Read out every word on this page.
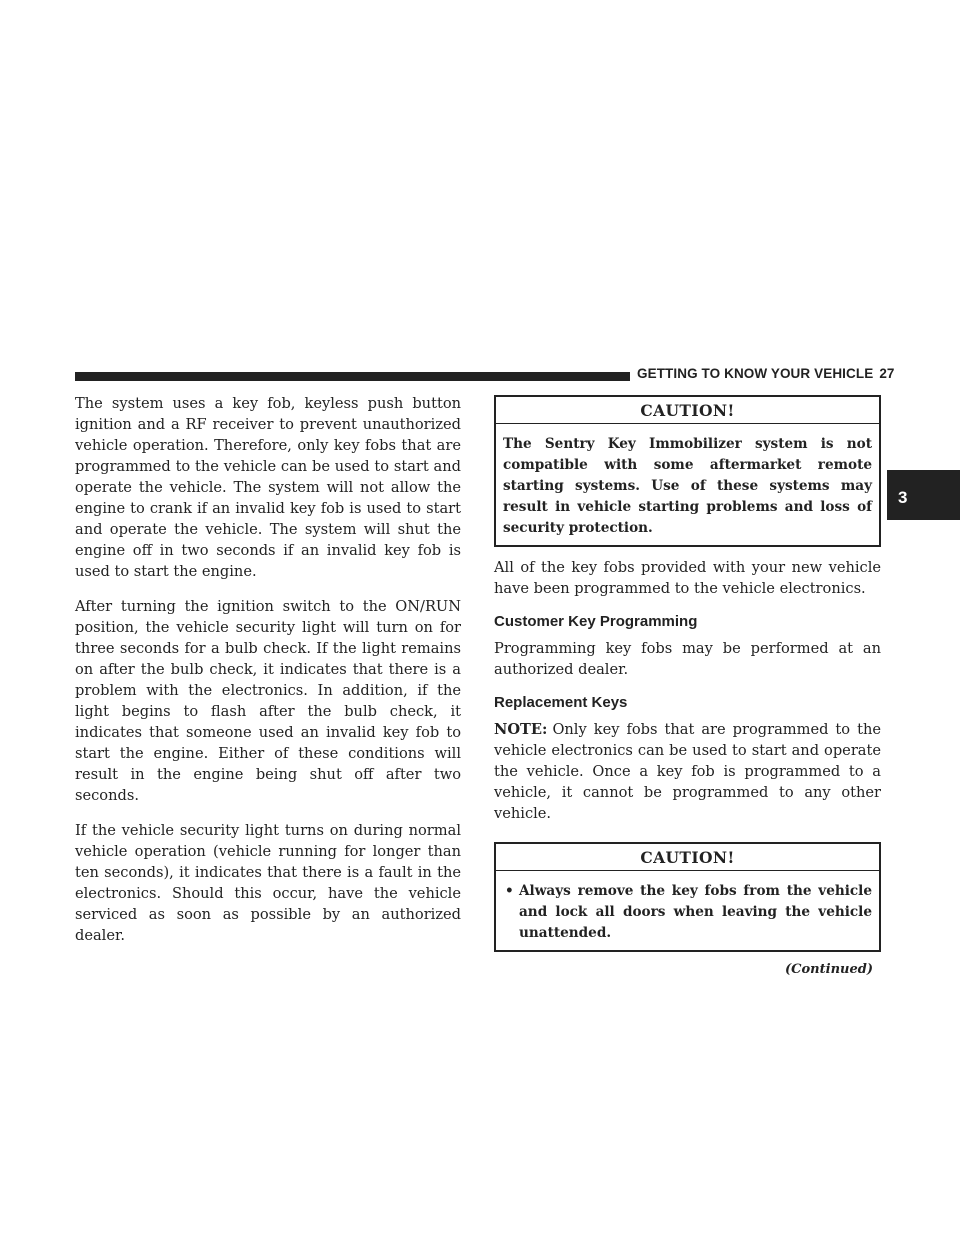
GETTING TO KNOW YOUR VEHICLE 27
3

The system uses a key fob, keyless push button ignition and a RF receiver to prevent unauthorized vehicle operation. Therefore, only key fobs that are programmed to the vehicle can be used to start and operate the vehicle. The system will not allow the engine to crank if an invalid key fob is used to start and operate the vehicle. The system will shut the engine off in two seconds if an invalid key fob is used to start the engine.

After turning the ignition switch to the ON/RUN position, the vehicle security light will turn on for three seconds for a bulb check. If the light remains on after the bulb check, it indicates that there is a problem with the electronics. In addition, if the light begins to flash after the bulb check, it indicates that someone used an invalid key fob to start the engine. Either of these conditions will result in the engine being shut off after two seconds.

If the vehicle security light turns on during normal vehicle operation (vehicle running for longer than ten seconds), it indicates that there is a fault in the electronics. Should this occur, have the vehicle serviced as soon as possible by an authorized dealer.

CAUTION!
The Sentry Key Immobilizer system is not compatible with some aftermarket remote starting systems. Use of these systems may result in vehicle starting problems and loss of security protection.

All of the key fobs provided with your new vehicle have been programmed to the vehicle electronics.

Customer Key Programming

Programming key fobs may be performed at an authorized dealer.

Replacement Keys

NOTE: Only key fobs that are programmed to the vehicle electronics can be used to start and operate the vehicle. Once a key fob is programmed to a vehicle, it cannot be programmed to any other vehicle.

CAUTION!
• Always remove the key fobs from the vehicle and lock all doors when leaving the vehicle unattended.
(Continued)
